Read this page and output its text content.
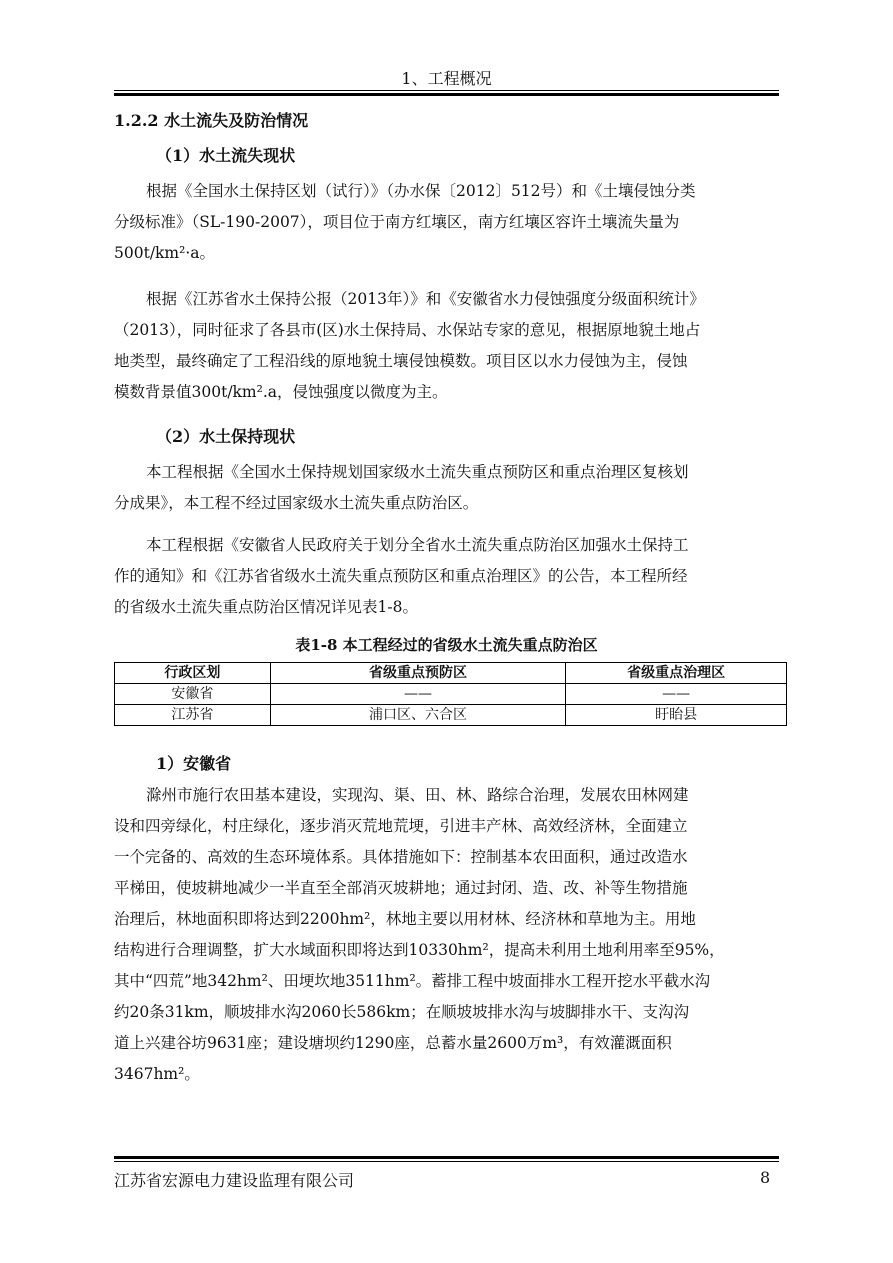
1、工程概况
1.2.2 水土流失及防治情况
（1）水土流失现状
根据《全国水土保持区划（试行）》（办水保〔2012〕512号）和《土壤侵蚀分类
分级标准》（SL-190-2007），项目位于南方红壤区，南方红壤区容许土壤流失量为
500t/km²·a。
根据《江苏省水土保持公报（2013年）》和《安徽省水力侵蚀强度分级面积统计》
（2013），同时征求了各县市(区)水土保持局、水保站专家的意见，根据原地貌土地占
地类型，最终确定了工程沿线的原地貌土壤侵蚀模数。项目区以水力侵蚀为主，侵蚀
模数背景值300t/km².a，侵蚀强度以微度为主。
（2）水土保持现状
本工程根据《全国水土保持规划国家级水土流失重点预防区和重点治理区复核划
分成果》，本工程不经过国家级水土流失重点防治区。
本工程根据《安徽省人民政府关于划分全省水土流失重点防治区加强水土保持工
作的通知》和《江苏省省级水土流失重点预防区和重点治理区》的公告，本工程所经
的省级水土流失重点防治区情况详见表1-8。
表1-8 本工程经过的省级水土流失重点防治区
行政区划	省级重点预防区	省级重点治理区
安徽省	——	——
江苏省	浦口区、六合区	盱眙县
1）安徽省
滁州市施行农田基本建设，实现沟、渠、田、林、路综合治理，发展农田林网建
设和四旁绿化，村庄绿化，逐步消灭荒地荒埂，引进丰产林、高效经济林，全面建立
一个完备的、高效的生态环境体系。具体措施如下：控制基本农田面积，通过改造水
平梯田，使坡耕地减少一半直至全部消灭坡耕地；通过封闭、造、改、补等生物措施
治理后，林地面积即将达到2200hm²，林地主要以用材林、经济林和草地为主。用地
结构进行合理调整，扩大水域面积即将达到10330hm²，提高未利用土地利用率至95%，
其中“四荒”地342hm²、田埂坎地3511hm²。蓄排工程中坡面排水工程开挖水平截水沟
约20条31km，顺坡排水沟2060长586km；在顺坡坡排水沟与坡脚排水干、支沟沟
道上兴建谷坊9631座；建设塘坝约1290座，总蓄水量2600万m³，有效灌溉面积
3467hm²。
江苏省宏源电力建设监理有限公司	8
